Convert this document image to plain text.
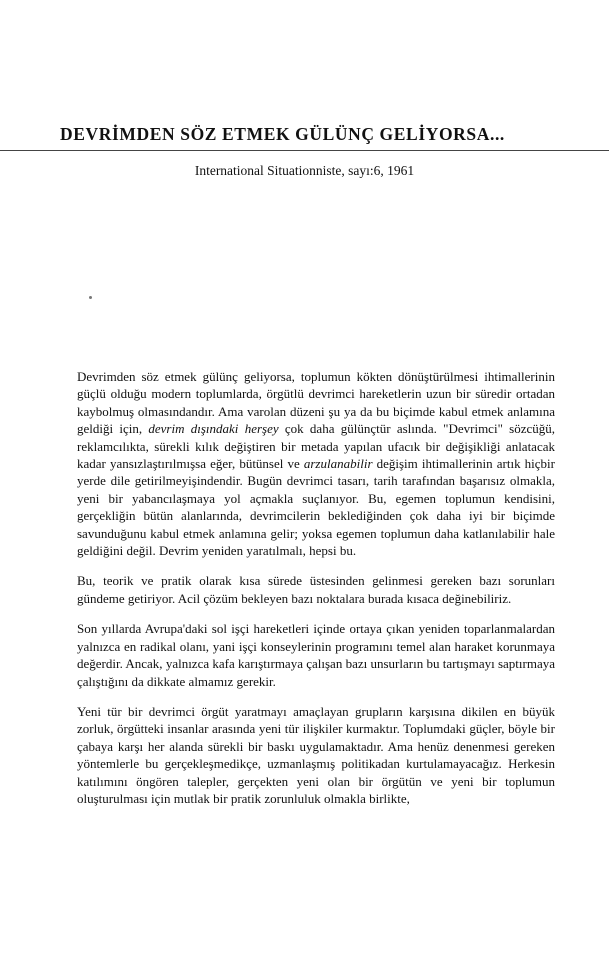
DEVRİMDEN SÖZ ETMEK GÜLÜNÇ GELİYORSA...

International Situationniste, sayı:6, 1961

Devrimden söz etmek gülünç geliyorsa, toplumun kökten dönüştürülmesi ihtimallerinin güçlü olduğu modern toplumlarda, örgütlü devrimci hareketlerin uzun bir süredir ortadan kaybolmuş olmasındandır. Ama varolan düzeni şu ya da bu biçimde kabul etmek anlamına geldiği için, devrim dışındaki herşey çok daha gülünçtür aslında. "Devrimci" sözcüğü, reklamcılıkta, sürekli kılık değiştiren bir metada yapılan ufacık bir değişikliği anlatacak kadar yansızlaştırılmışsa eğer, bütünsel ve arzulanabilir değişim ihtimallerinin artık hiçbir yerde dile getirilmeyişindendir. Bugün devrimci tasarı, tarih tarafından başarısız olmakla, yeni bir yabancılaşmaya yol açmakla suçlanıyor. Bu, egemen toplumun kendisini, gerçekliğin bütün alanlarında, devrimcilerin beklediğinden çok daha iyi bir biçimde savunduğunu kabul etmek anlamına gelir; yoksa egemen toplumun daha katlanılabilir hale geldiğini değil. Devrim yeniden yaratılmalı, hepsi bu.

Bu, teorik ve pratik olarak kısa sürede üstesinden gelinmesi gereken bazı sorunları gündeme getiriyor. Acil çözüm bekleyen bazı noktalara burada kısaca değinebiliriz.

Son yıllarda Avrupa'daki sol işçi hareketleri içinde ortaya çıkan yeniden toparlanmalardan yalnızca en radikal olanı, yani işçi konseylerinin programını temel alan haraket korunmaya değerdir. Ancak, yalnızca kafa karıştırmaya çalışan bazı unsurların bu tartışmayı saptırmaya çalıştığını da dikkate almamız gerekir.

Yeni tür bir devrimci örgüt yaratmayı amaçlayan grupların karşısına dikilen en büyük zorluk, örgütteki insanlar arasında yeni tür ilişkiler kurmaktır. Toplumdaki güçler, böyle bir çabaya karşı her alanda sürekli bir baskı uygulamaktadır. Ama henüz denenmesi gereken yöntemlerle bu gerçekleşmedikçe, uzmanlaşmış politikadan kurtulamayacağız. Herkesin katılımını öngören talepler, gerçekten yeni olan bir örgütün ve yeni bir toplumun oluşturulması için mutlak bir pratik zorunluluk olmakla birlikte,
